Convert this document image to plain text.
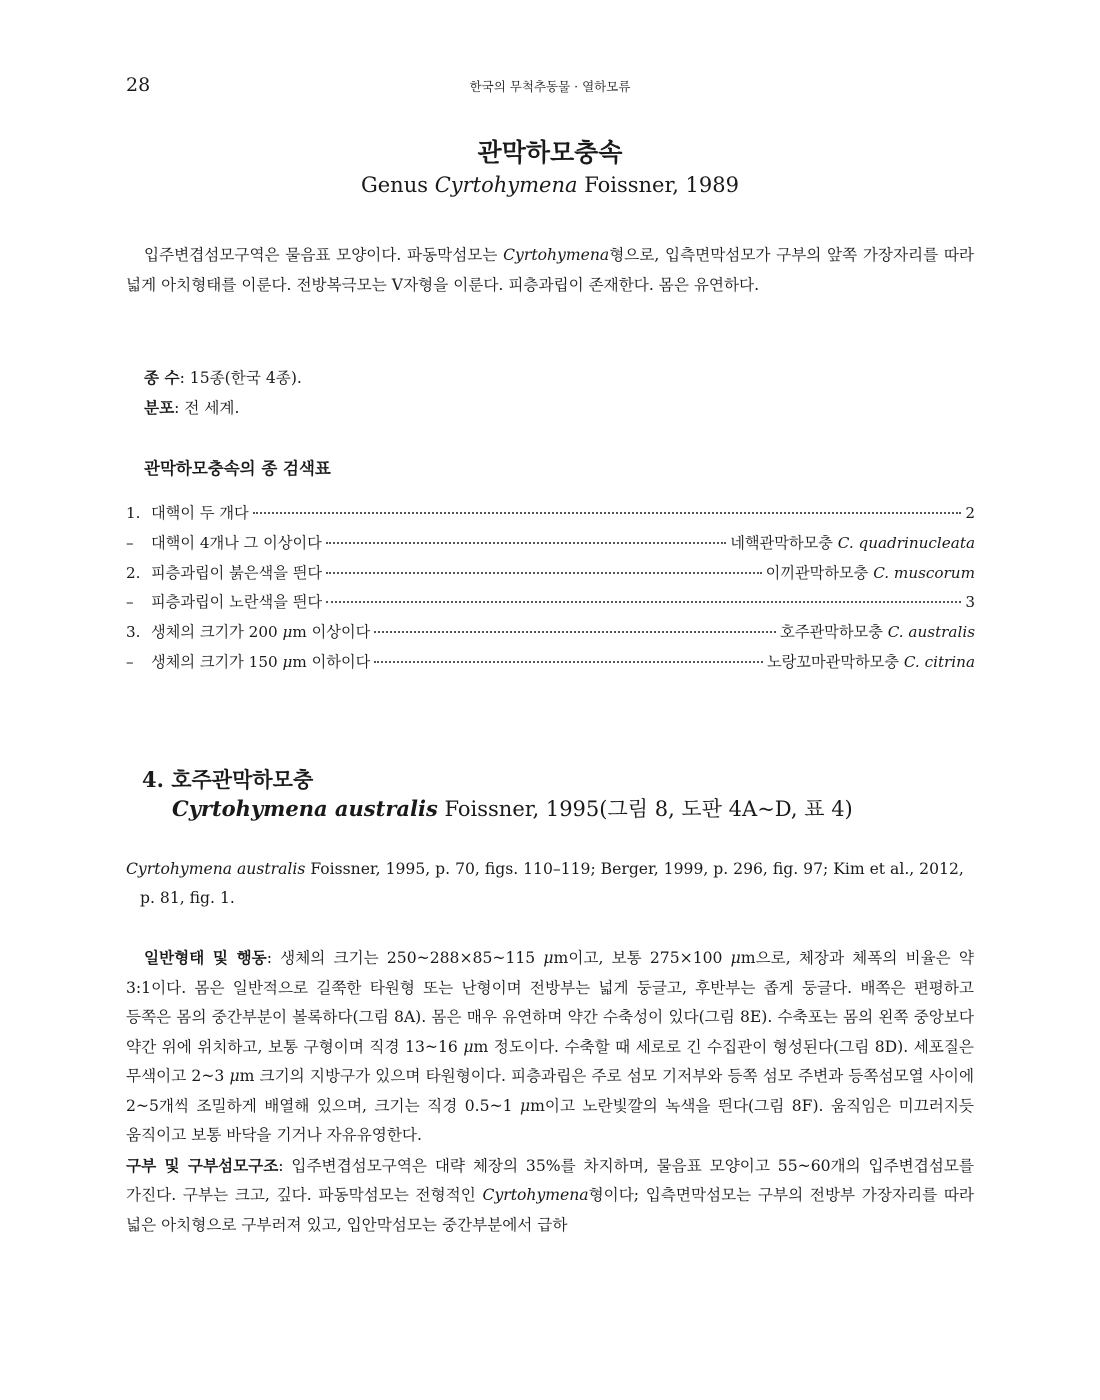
28	한국의 무척추동물 · 열하모류
관막하모충속
Genus Cyrtohymena Foissner, 1989

입주변겹섬모구역은 물음표 모양이다. 파동막섬모는 Cyrtohymena형으로, 입측면막섬모가 구부의 앞쪽 가장자리를 따라 넓게 아치형태를 이룬다. 전방복극모는 V자형을 이룬다. 피층과립이 존재한다. 몸은 유연하다.

종 수: 15종(한국 4종).
분포: 전 세계.
관막하모충속의 종 검색표
1. 대핵이 두 개다	2
–	대핵이 4개나 그 이상이다	네핵관막하모충 C. quadrinucleata
2. 피층과립이 붉은색을 띈다	이끼관막하모충 C. muscorum
–	피층과립이 노란색을 띈다	3
3. 생체의 크기가 200 μm 이상이다	호주관막하모충 C. australis
–	생체의 크기가 150 μm 이하이다	노랑꼬마관막하모충 C. citrina
4. 호주관막하모충
Cyrtohymena australis Foissner, 1995(그림 8, 도판 4A~D, 표 4)

Cyrtohymena australis Foissner, 1995, p. 70, figs. 110–119; Berger, 1999, p. 296, fig. 97; Kim et al., 2012, p. 81, fig. 1.

일반형태 및 행동: 생체의 크기는 250~288×85~115 μm이고, 보통 275×100 μm으로, 체장과 체폭의 비율은 약 3:1이다. 몸은 일반적으로 길쭉한 타원형 또는 난형이며 전방부는 넓게 둥글고, 후반부는 좁게 둥글다. 배쪽은 편평하고 등쪽은 몸의 중간부분이 볼록하다(그림 8A). 몸은 매우 유연하며 약간 수축성이 있다(그림 8E). 수축포는 몸의 왼쪽 중앙보다 약간 위에 위치하고, 보통 구형이며 직경 13~16 μm 정도이다. 수축할 때 세로로 긴 수집관이 형성된다(그림 8D). 세포질은 무색이고 2~3 μm 크기의 지방구가 있으며 타원형이다. 피층과립은 주로 섬모 기저부와 등쪽 섬모 주변과 등쪽섬모열 사이에 2~5개씩 조밀하게 배열해 있으며, 크기는 직경 0.5~1 μm이고 노란빛깔의 녹색을 띈다(그림 8F). 움직임은 미끄러지듯 움직이고 보통 바닥을 기거나 자유유영한다.
구부 및 구부섬모구조: 입주변겹섬모구역은 대략 체장의 35%를 차지하며, 물음표 모양이고 55~60개의 입주변겹섬모를 가진다. 구부는 크고, 깊다. 파동막섬모는 전형적인 Cyrtohymena형이다; 입측면막섬모는 구부의 전방부 가장자리를 따라 넓은 아치형으로 구부러져 있고, 입안막섬모는 중간부분에서 급하
